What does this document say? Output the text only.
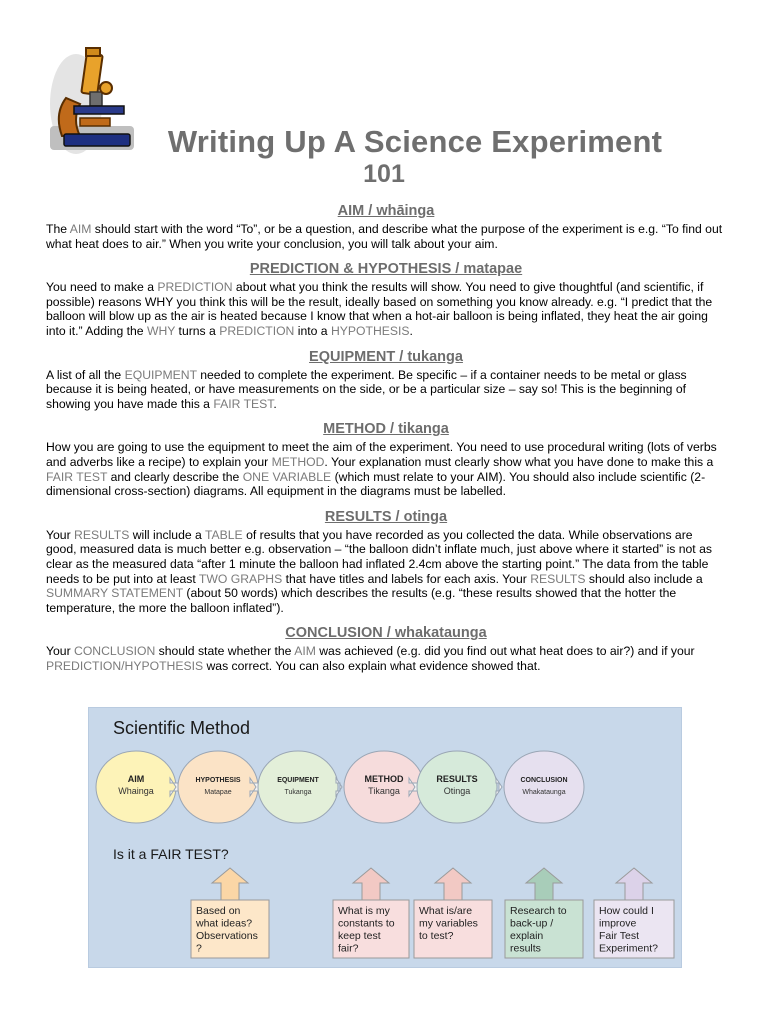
Writing Up A Science Experiment
101
AIM / whāinga

The AIM should start with the word “To”, or be a question, and describe what the purpose of the experiment is e.g. “To find out what heat does to air.” When you write your conclusion, you will talk about your aim.

PREDICTION & HYPOTHESIS / matapae

You need to make a PREDICTION about what you think the results will show. You need to give thoughtful (and scientific, if possible) reasons WHY you think this will be the result, ideally based on something you know already. e.g. “I predict that the balloon will blow up as the air is heated because I know that when a hot-air balloon is being inflated, they heat the air going into it.” Adding the WHY turns a PREDICTION into a HYPOTHESIS.

EQUIPMENT / tukanga

A list of all the EQUIPMENT needed to complete the experiment. Be specific – if a container needs to be metal or glass because it is being heated, or have measurements on the side, or be a particular size – say so! This is the beginning of showing you have made this a FAIR TEST.

METHOD / tikanga

How you are going to use the equipment to meet the aim of the experiment. You need to use procedural writing (lots of verbs and adverbs like a recipe) to explain your METHOD. Your explanation must clearly show what you have done to make this a FAIR TEST and clearly describe the ONE VARIABLE (which must relate to your AIM). You should also include scientific (2-dimensional cross-section) diagrams. All equipment in the diagrams must be labelled.

RESULTS / otinga

Your RESULTS will include a TABLE of results that you have recorded as you collected the data. While observations are good, measured data is much better e.g. observation – “the balloon didn’t inflate much, just above where it started” is not as clear as the measured data “after 1 minute the balloon had inflated 2.4cm above the starting point.” The data from the table needs to be put into at least TWO GRAPHS that have titles and labels for each axis. Your RESULTS should also include a SUMMARY STATEMENT (about 50 words) which describes the results (e.g. “these results showed that the hotter the temperature, the more the balloon inflated”).

CONCLUSION / whakataunga

Your CONCLUSION should state whether the AIM was achieved (e.g. did you find out what heat does to air?) and if your PREDICTION/HYPOTHESIS was correct. You can also explain what evidence showed that.

Scientific Method
Is it a FAIR TEST?
AIM
Whainga
HYPOTHESIS
Matapae
EQUIPMENT
Tukanga
METHOD
Tikanga
RESULTS
Otinga
CONCLUSION
Whakataunga
Based on
what ideas?
Observations
?
What is my
constants to
keep test
fair?
What is/are
my variables
to test?
Research to
back-up /
explain
results
How could I
improve
Fair Test
Experiment?
